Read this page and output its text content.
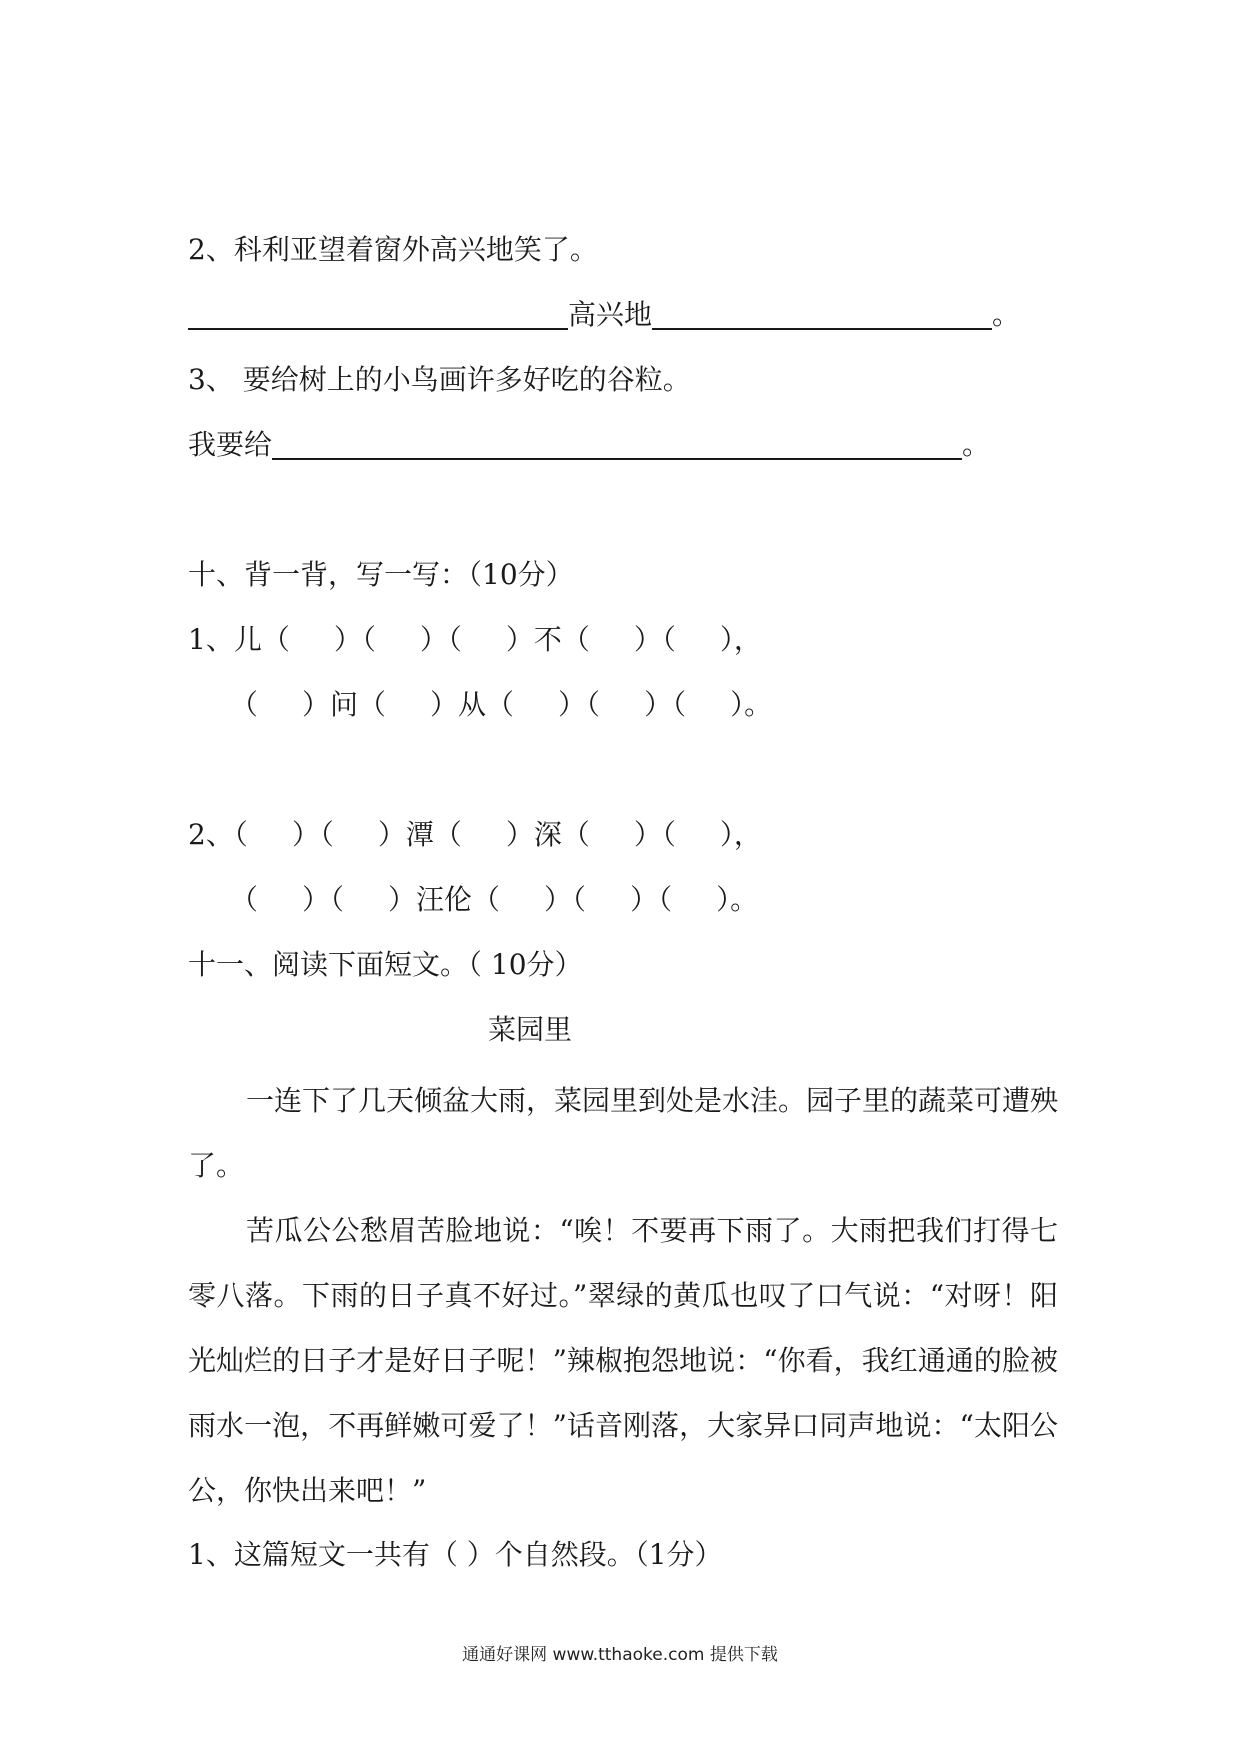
2、科利亚望着窗外高兴地笑了。
高兴地	。
3、 要给树上的小鸟画许多好吃的谷粒。
我要给	。
十、背一背，写一写：（10分）
1、儿（ ）（ ）（ ）不（ ）（ ），
（ ）问（ ）从（ ）（ ）（ ）。
2、（ ）（ ）潭（ ）深（ ）（ ），
（ ）（ ）汪伦（ ）（ ）（ ）。
十一、阅读下面短文。（ 10分）
菜园里
一连下了几天倾盆大雨，菜园里到处是水洼。园子里的蔬菜可遭殃了。
苦瓜公公愁眉苦脸地说：“唉！不要再下雨了。大雨把我们打得七零八落。下雨的日子真不好过。”翠绿的黄瓜也叹了口气说：“对呀！阳光灿烂的日子才是好日子呢！”辣椒抱怨地说：“你看，我红通通的脸被雨水一泡，不再鲜嫩可爱了！”话音刚落，大家异口同声地说：“太阳公公，你快出来吧！”
1、这篇短文一共有（ ）个自然段。（1分）
通通好课网 www.tthaoke.com 提供下载
